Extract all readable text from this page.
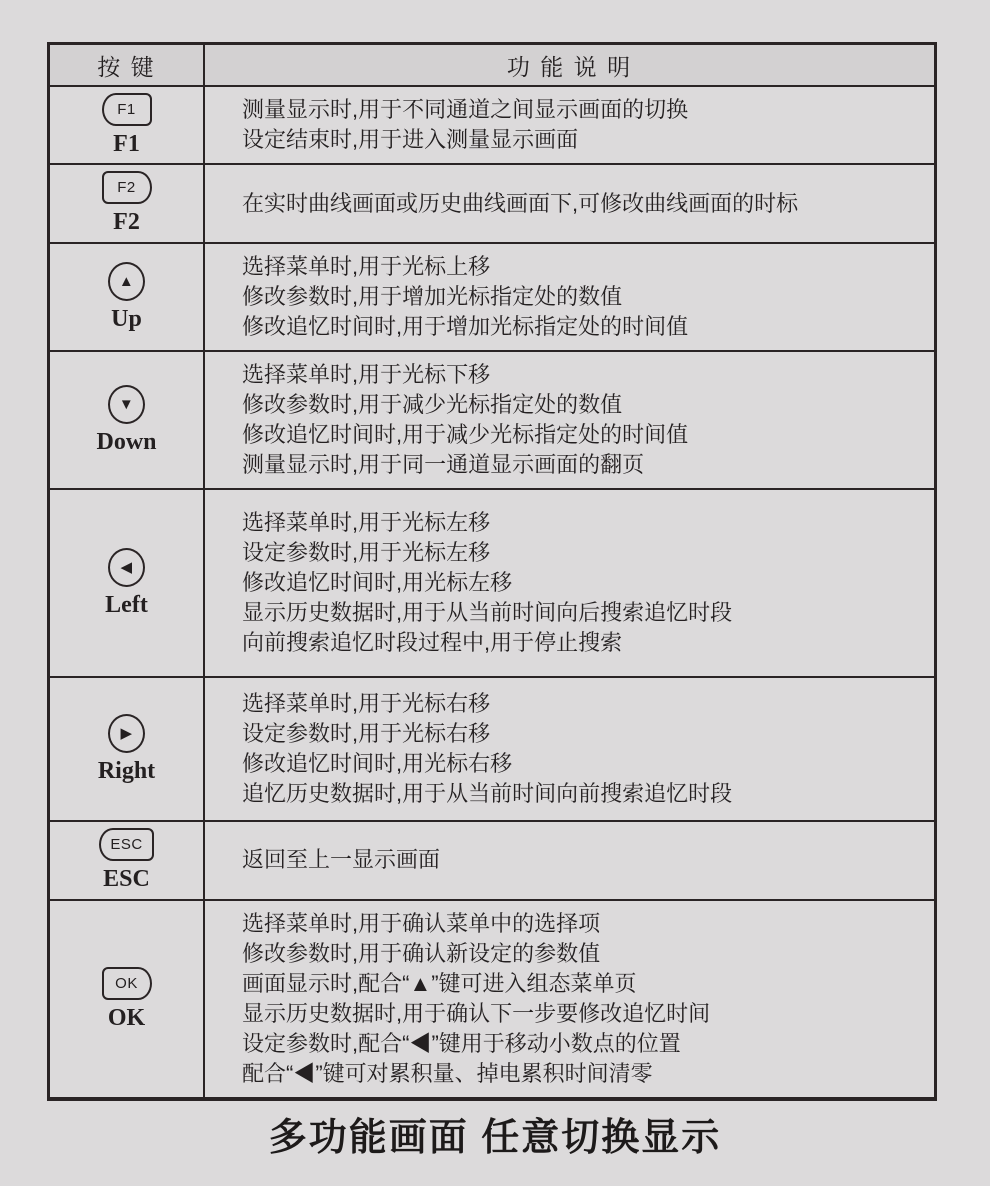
按 键	功 能 说 明
F1
F1
测量显示时,用于不同通道之间显示画面的切换
设定结束时,用于进入测量显示画面
F2
F2
在实时曲线画面或历史曲线画面下,可修改曲线画面的时标
▲
Up
选择菜单时,用于光标上移
修改参数时,用于增加光标指定处的数值
修改追忆时间时,用于增加光标指定处的时间值
▼
Down
选择菜单时,用于光标下移
修改参数时,用于减少光标指定处的数值
修改追忆时间时,用于减少光标指定处的时间值
测量显示时,用于同一通道显示画面的翻页
◀
Left
选择菜单时,用于光标左移
设定参数时,用于光标左移
修改追忆时间时,用光标左移
显示历史数据时,用于从当前时间向后搜索追忆时段
向前搜索追忆时段过程中,用于停止搜索
▶
Right
选择菜单时,用于光标右移
设定参数时,用于光标右移
修改追忆时间时,用光标右移
追忆历史数据时,用于从当前时间向前搜索追忆时段
ESC
ESC
返回至上一显示画面
OK
OK
选择菜单时,用于确认菜单中的选择项
修改参数时,用于确认新设定的参数值
画面显示时,配合“▲”键可进入组态菜单页
显示历史数据时,用于确认下一步要修改追忆时间
设定参数时,配合“◀”键用于移动小数点的位置
配合“◀”键可对累积量、掉电累积时间清零
多功能画面 任意切换显示
